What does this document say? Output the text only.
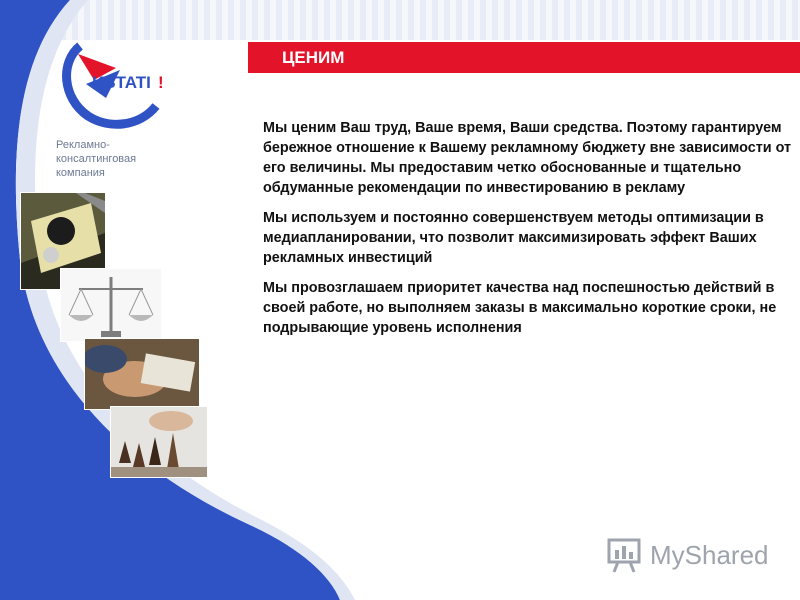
KSTATI !
Рекламно-
консалтинговая
компания
ЦЕНИМ

Мы ценим Ваш труд, Ваше время, Ваши средства. Поэтому гарантируем бережное отношение к Вашему рекламному бюджету вне зависимости от его величины. Мы предоставим четко обоснованные и тщательно обдуманные рекомендации по инвестированию в рекламу

Мы используем и постоянно совершенствуем методы оптимизации в медиапланировании, что позволит максимизировать эффект Ваших рекламных инвестиций

Мы провозглашаем приоритет качества над поспешностью действий в своей работе, но выполняем заказы в максимально короткие сроки, не подрывающие уровень исполнения

MyShared
